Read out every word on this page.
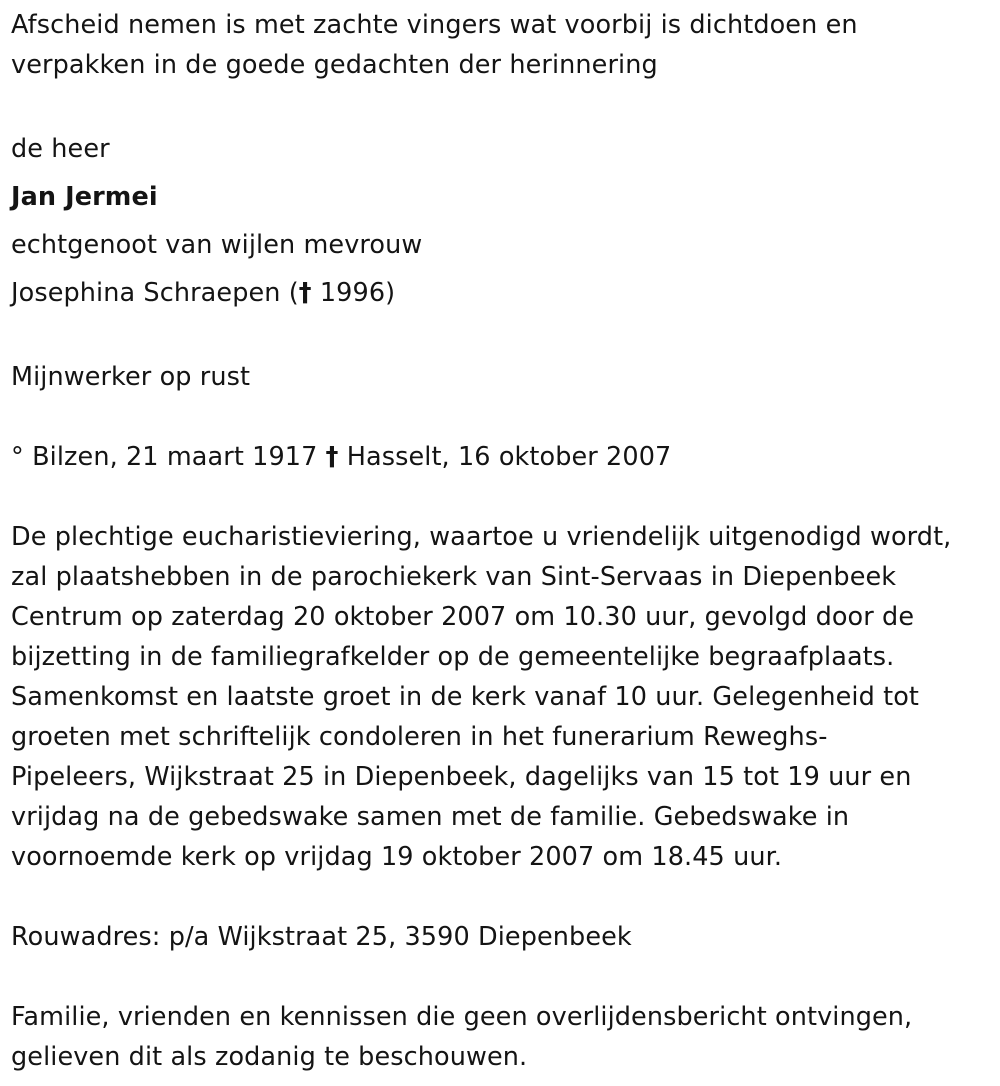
Afscheid nemen is met zachte vingers wat voorbij is dichtdoen en
verpakken in de goede gedachten der herinnering
de heer
Jan Jermei
echtgenoot van wijlen mevrouw
Josephina Schraepen († 1996)
Mijnwerker op rust
° Bilzen, 21 maart 1917 † Hasselt, 16 oktober 2007
De plechtige eucharistieviering, waartoe u vriendelijk uitgenodigd wordt,
zal plaatshebben in de parochiekerk van Sint-Servaas in Diepenbeek
Centrum op zaterdag 20 oktober 2007 om 10.30 uur, gevolgd door de
bijzetting in de familiegrafkelder op de gemeentelijke begraafplaats.
Samenkomst en laatste groet in de kerk vanaf 10 uur. Gelegenheid tot
groeten met schriftelijk condoleren in het funerarium Reweghs-
Pipeleers, Wijkstraat 25 in Diepenbeek, dagelijks van 15 tot 19 uur en
vrijdag na de gebedswake samen met de familie. Gebedswake in
voornoemde kerk op vrijdag 19 oktober 2007 om 18.45 uur.
Rouwadres: p/a Wijkstraat 25, 3590 Diepenbeek
Familie, vrienden en kennissen die geen overlijdensbericht ontvingen,
gelieven dit als zodanig te beschouwen.
